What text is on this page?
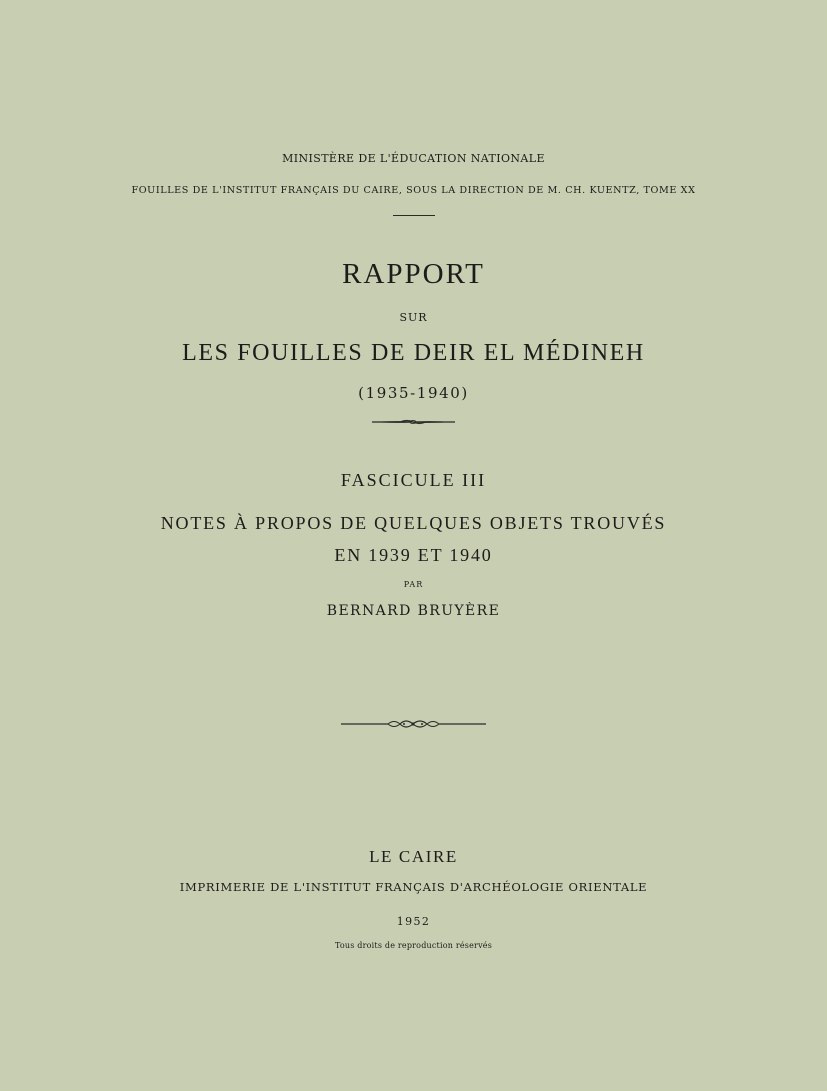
MINISTÈRE DE L'ÉDUCATION NATIONALE
FOUILLES DE L'INSTITUT FRANÇAIS DU CAIRE, SOUS LA DIRECTION DE M. CH. KUENTZ, TOME XX
RAPPORT
SUR
LES FOUILLES DE DEIR EL MÉDINEH
(1935-1940)
FASCICULE III
NOTES À PROPOS DE QUELQUES OBJETS TROUVÉS
EN 1939 ET 1940
PAR
BERNARD BRUYÈRE
LE CAIRE
IMPRIMERIE DE L'INSTITUT FRANÇAIS D'ARCHÉOLOGIE ORIENTALE
1952
Tous droits de reproduction réservés
